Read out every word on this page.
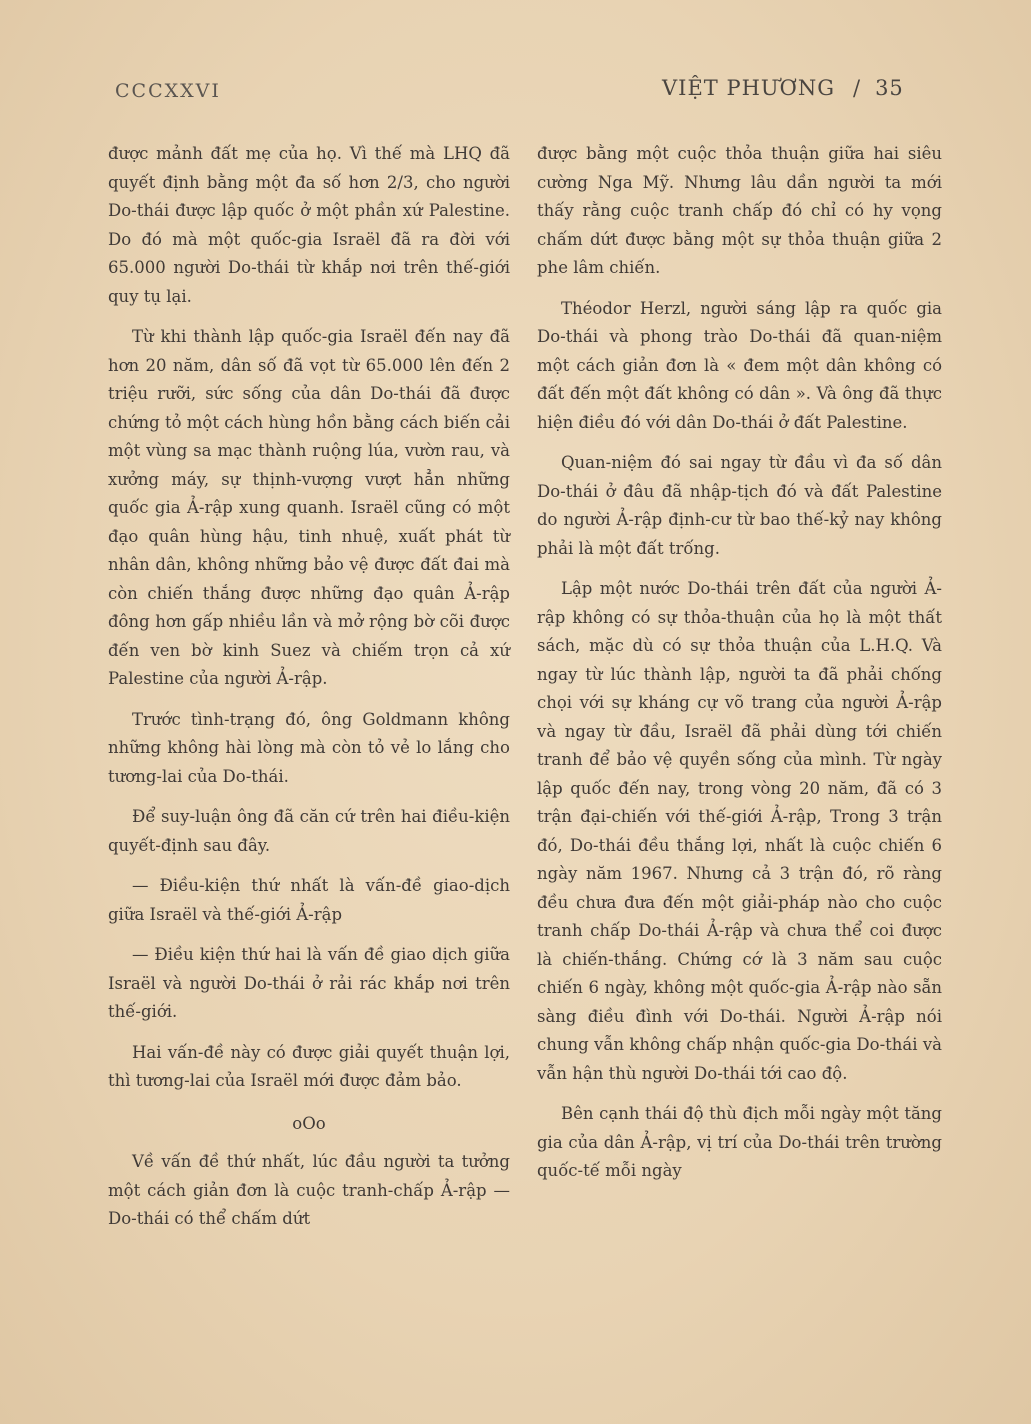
CCCXXVI	VIỆT PHƯƠNG / 35

được mảnh đất mẹ của họ. Vì thế mà LHQ đã quyết định bằng một đa số hơn 2/3, cho người Do-thái được lập quốc ở một phần xứ Palestine. Do đó mà một quốc-gia Israël đã ra đời với 65.000 người Do-thái từ khắp nơi trên thế-giới quy tụ lại.

Từ khi thành lập quốc-gia Israël đến nay đã hơn 20 năm, dân số đã vọt từ 65.000 lên đến 2 triệu rưỡi, sức sống của dân Do-thái đã được chứng tỏ một cách hùng hồn bằng cách biến cải một vùng sa mạc thành ruộng lúa, vườn rau, và xưởng máy, sự thịnh-vượng vượt hẳn những quốc gia Ả-rập xung quanh. Israël cũng có một đạo quân hùng hậu, tinh nhuệ, xuất phát từ nhân dân, không những bảo vệ được đất đai mà còn chiến thắng được những đạo quân Ả-rập đông hơn gấp nhiều lần và mở rộng bờ cõi được đến ven bờ kinh Suez và chiếm trọn cả xứ Palestine của người Ả-rập.

Trước tình-trạng đó, ông Goldmann không những không hài lòng mà còn tỏ vẻ lo lắng cho tương-lai của Do-thái.

Để suy-luận ông đã căn cứ trên hai điều-kiện quyết-định sau đây.

— Điều-kiện thứ nhất là vấn-đề giao-dịch giữa Israël và thế-giới Ả-rập

— Điều kiện thứ hai là vấn đề giao dịch giữa Israël và người Do-thái ở rải rác khắp nơi trên thế-giới.

Hai vấn-đề này có được giải quyết thuận lợi, thì tương-lai của Israël mới được đảm bảo.

oOo

Về vấn đề thứ nhất, lúc đầu người ta tưởng một cách giản đơn là cuộc tranh-chấp Ả-rập — Do-thái có thể chấm dứt

được bằng một cuộc thỏa thuận giữa hai siêu cường Nga Mỹ. Nhưng lâu dần người ta mới thấy rằng cuộc tranh chấp đó chỉ có hy vọng chấm dứt được bằng một sự thỏa thuận giữa 2 phe lâm chiến.

Théodor Herzl, người sáng lập ra quốc gia Do-thái và phong trào Do-thái đã quan-niệm một cách giản đơn là « đem một dân không có đất đến một đất không có dân ». Và ông đã thực hiện điều đó với dân Do-thái ở đất Palestine.

Quan-niệm đó sai ngay từ đầu vì đa số dân Do-thái ở đâu đã nhập-tịch đó và đất Palestine do người Ả-rập định-cư từ bao thế-kỷ nay không phải là một đất trống.

Lập một nước Do-thái trên đất của người Ả-rập không có sự thỏa-thuận của họ là một thất sách, mặc dù có sự thỏa thuận của L.H.Q. Và ngay từ lúc thành lập, người ta đã phải chống chọi với sự kháng cự võ trang của người Ả-rập và ngay từ đầu, Israël đã phải dùng tới chiến tranh để bảo vệ quyền sống của mình. Từ ngày lập quốc đến nay, trong vòng 20 năm, đã có 3 trận đại-chiến với thế-giới Ả-rập, Trong 3 trận đó, Do-thái đều thắng lợi, nhất là cuộc chiến 6 ngày năm 1967. Nhưng cả 3 trận đó, rõ ràng đều chưa đưa đến một giải-pháp nào cho cuộc tranh chấp Do-thái Ả-rập và chưa thể coi được là chiến-thắng. Chứng cớ là 3 năm sau cuộc chiến 6 ngày, không một quốc-gia Ả-rập nào sẵn sàng điều đình với Do-thái. Người Ả-rập nói chung vẫn không chấp nhận quốc-gia Do-thái và vẫn hận thù người Do-thái tới cao độ.

Bên cạnh thái độ thù địch mỗi ngày một tăng gia của dân Ả-rập, vị trí của Do-thái trên trường quốc-tế mỗi ngày
